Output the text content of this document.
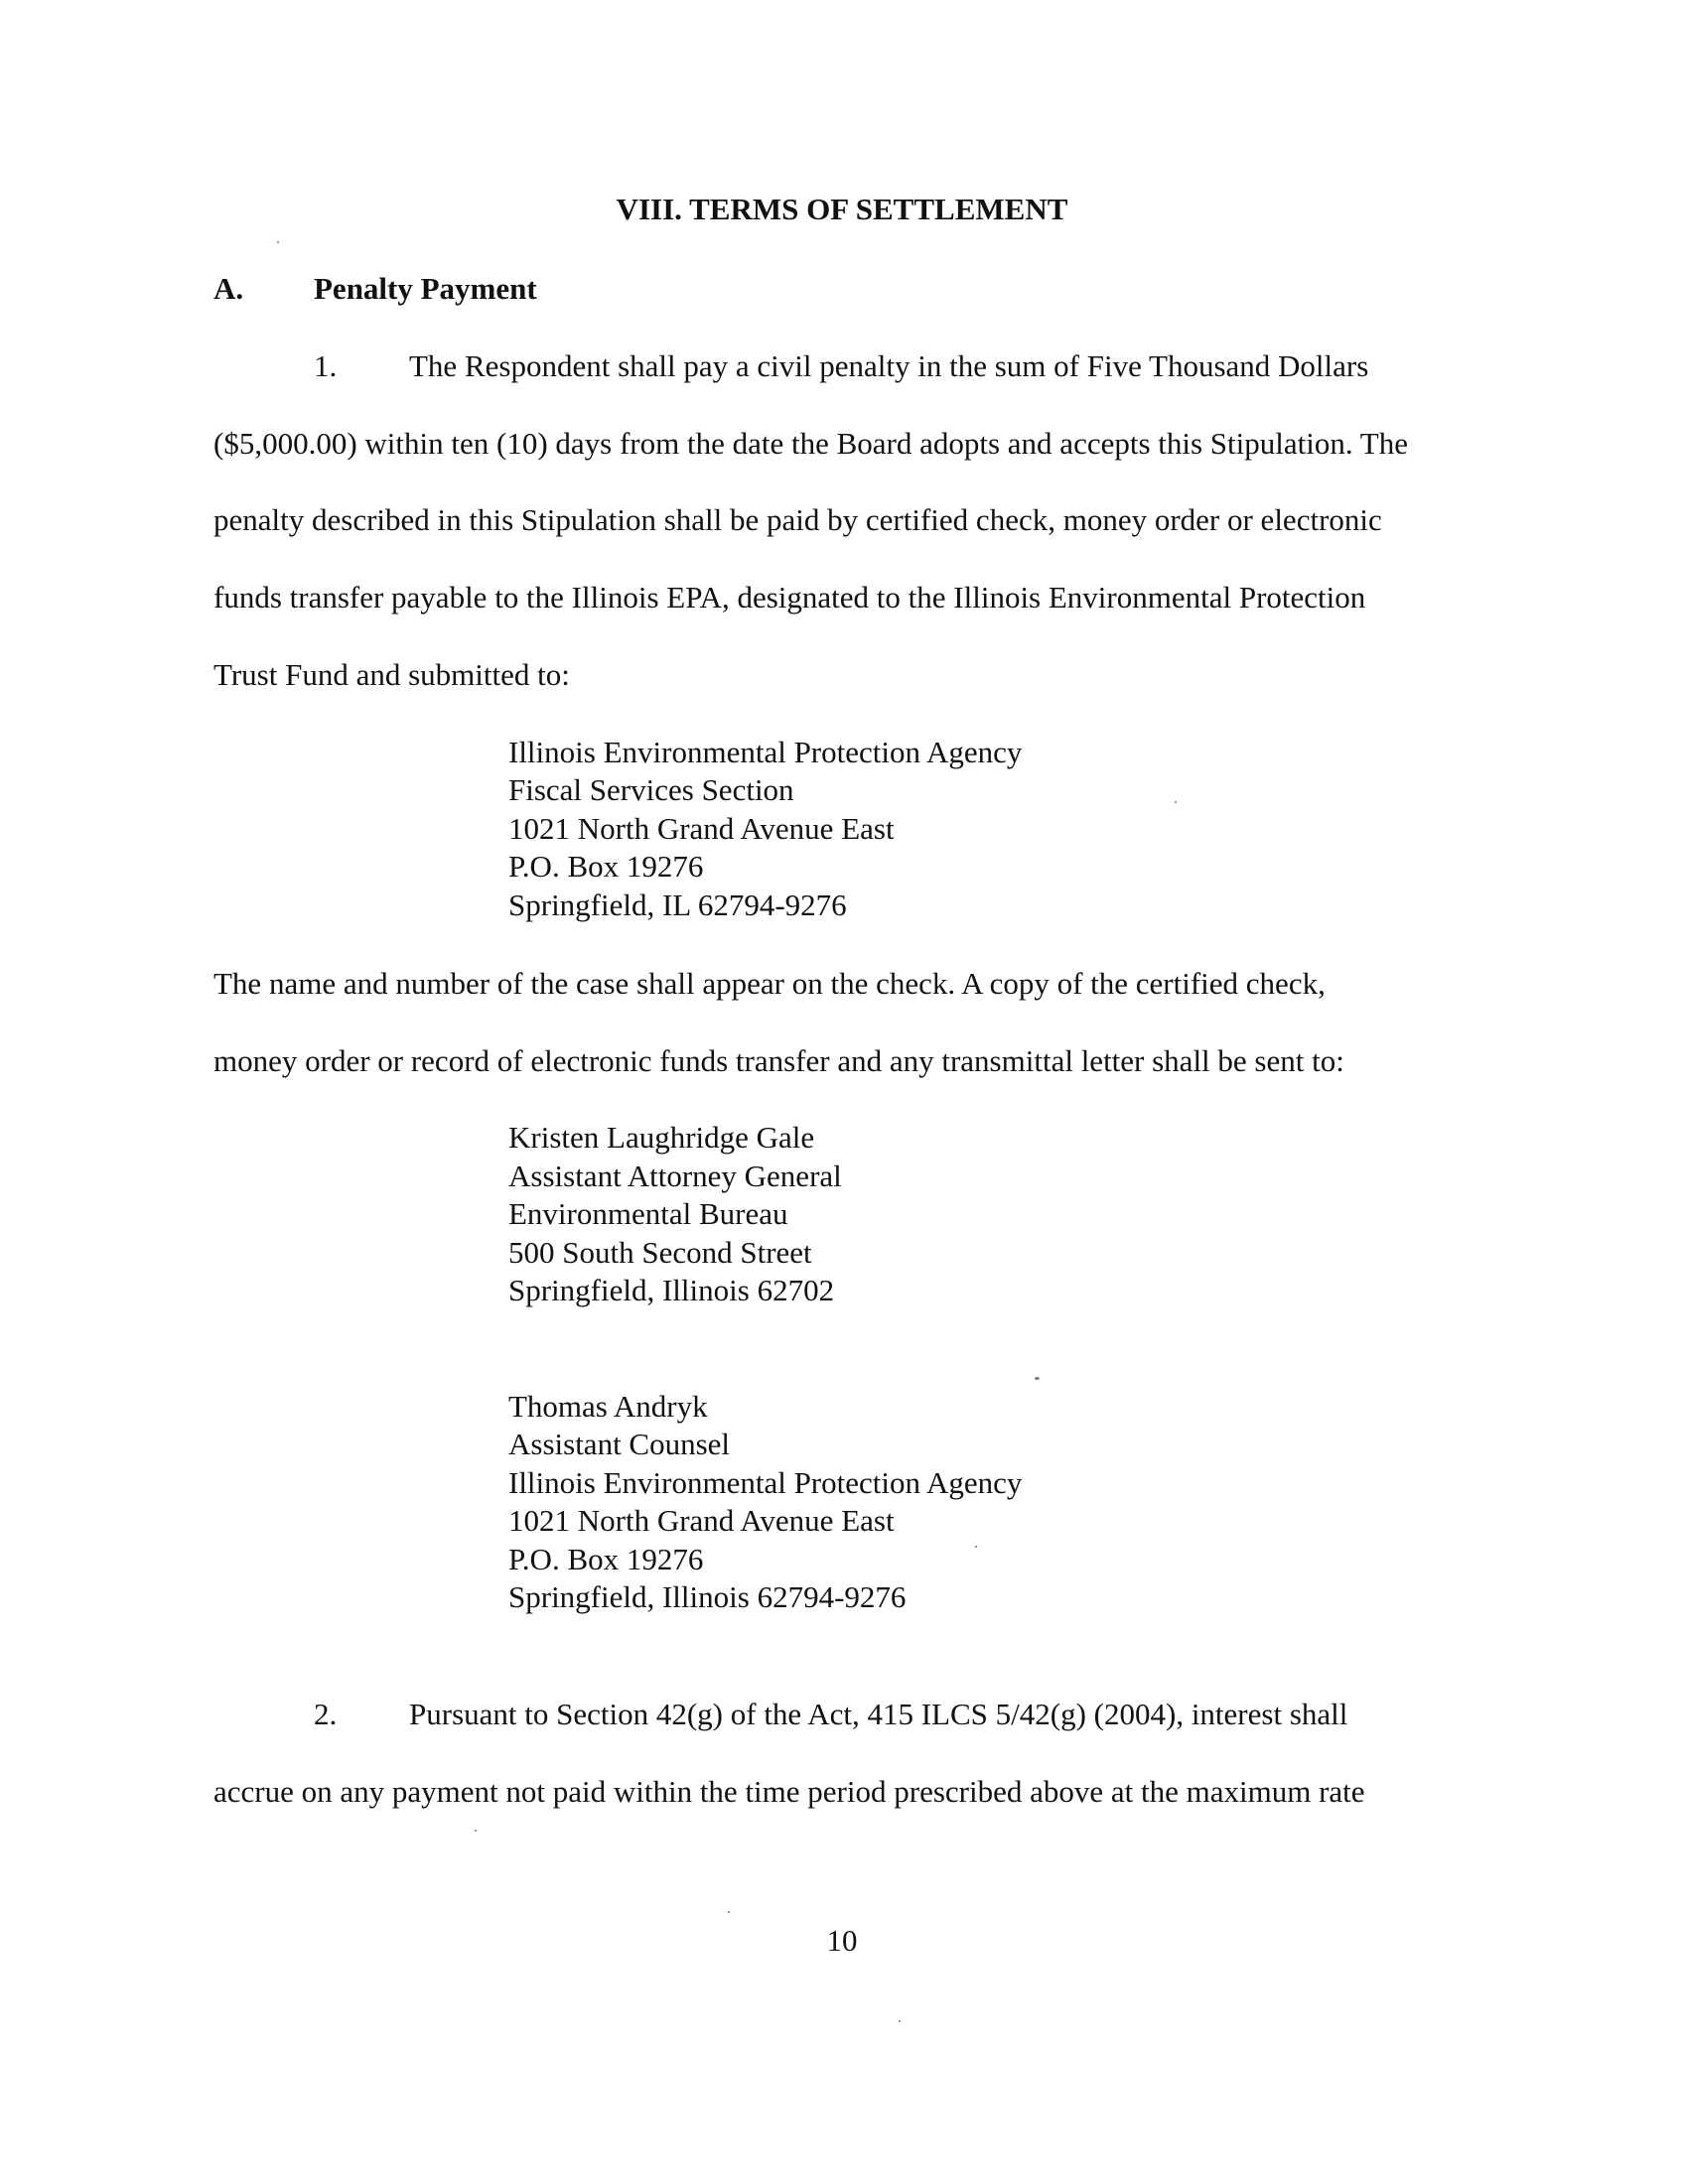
VIII. TERMS OF SETTLEMENT
A. Penalty Payment
1. The Respondent shall pay a civil penalty in the sum of Five Thousand Dollars
($5,000.00) within ten (10) days from the date the Board adopts and accepts this Stipulation. The
penalty described in this Stipulation shall be paid by certified check, money order or electronic
funds transfer payable to the Illinois EPA, designated to the Illinois Environmental Protection
Trust Fund and submitted to:
Illinois Environmental Protection Agency
Fiscal Services Section
1021 North Grand Avenue East
P.O. Box 19276
Springfield, IL 62794-9276
The name and number of the case shall appear on the check. A copy of the certified check,
money order or record of electronic funds transfer and any transmittal letter shall be sent to:
Kristen Laughridge Gale
Assistant Attorney General
Environmental Bureau
500 South Second Street
Springfield, Illinois 62702
Thomas Andryk
Assistant Counsel
Illinois Environmental Protection Agency
1021 North Grand Avenue East
P.O. Box 19276
Springfield, Illinois 62794-9276
2. Pursuant to Section 42(g) of the Act, 415 ILCS 5/42(g) (2004), interest shall
accrue on any payment not paid within the time period prescribed above at the maximum rate
10
